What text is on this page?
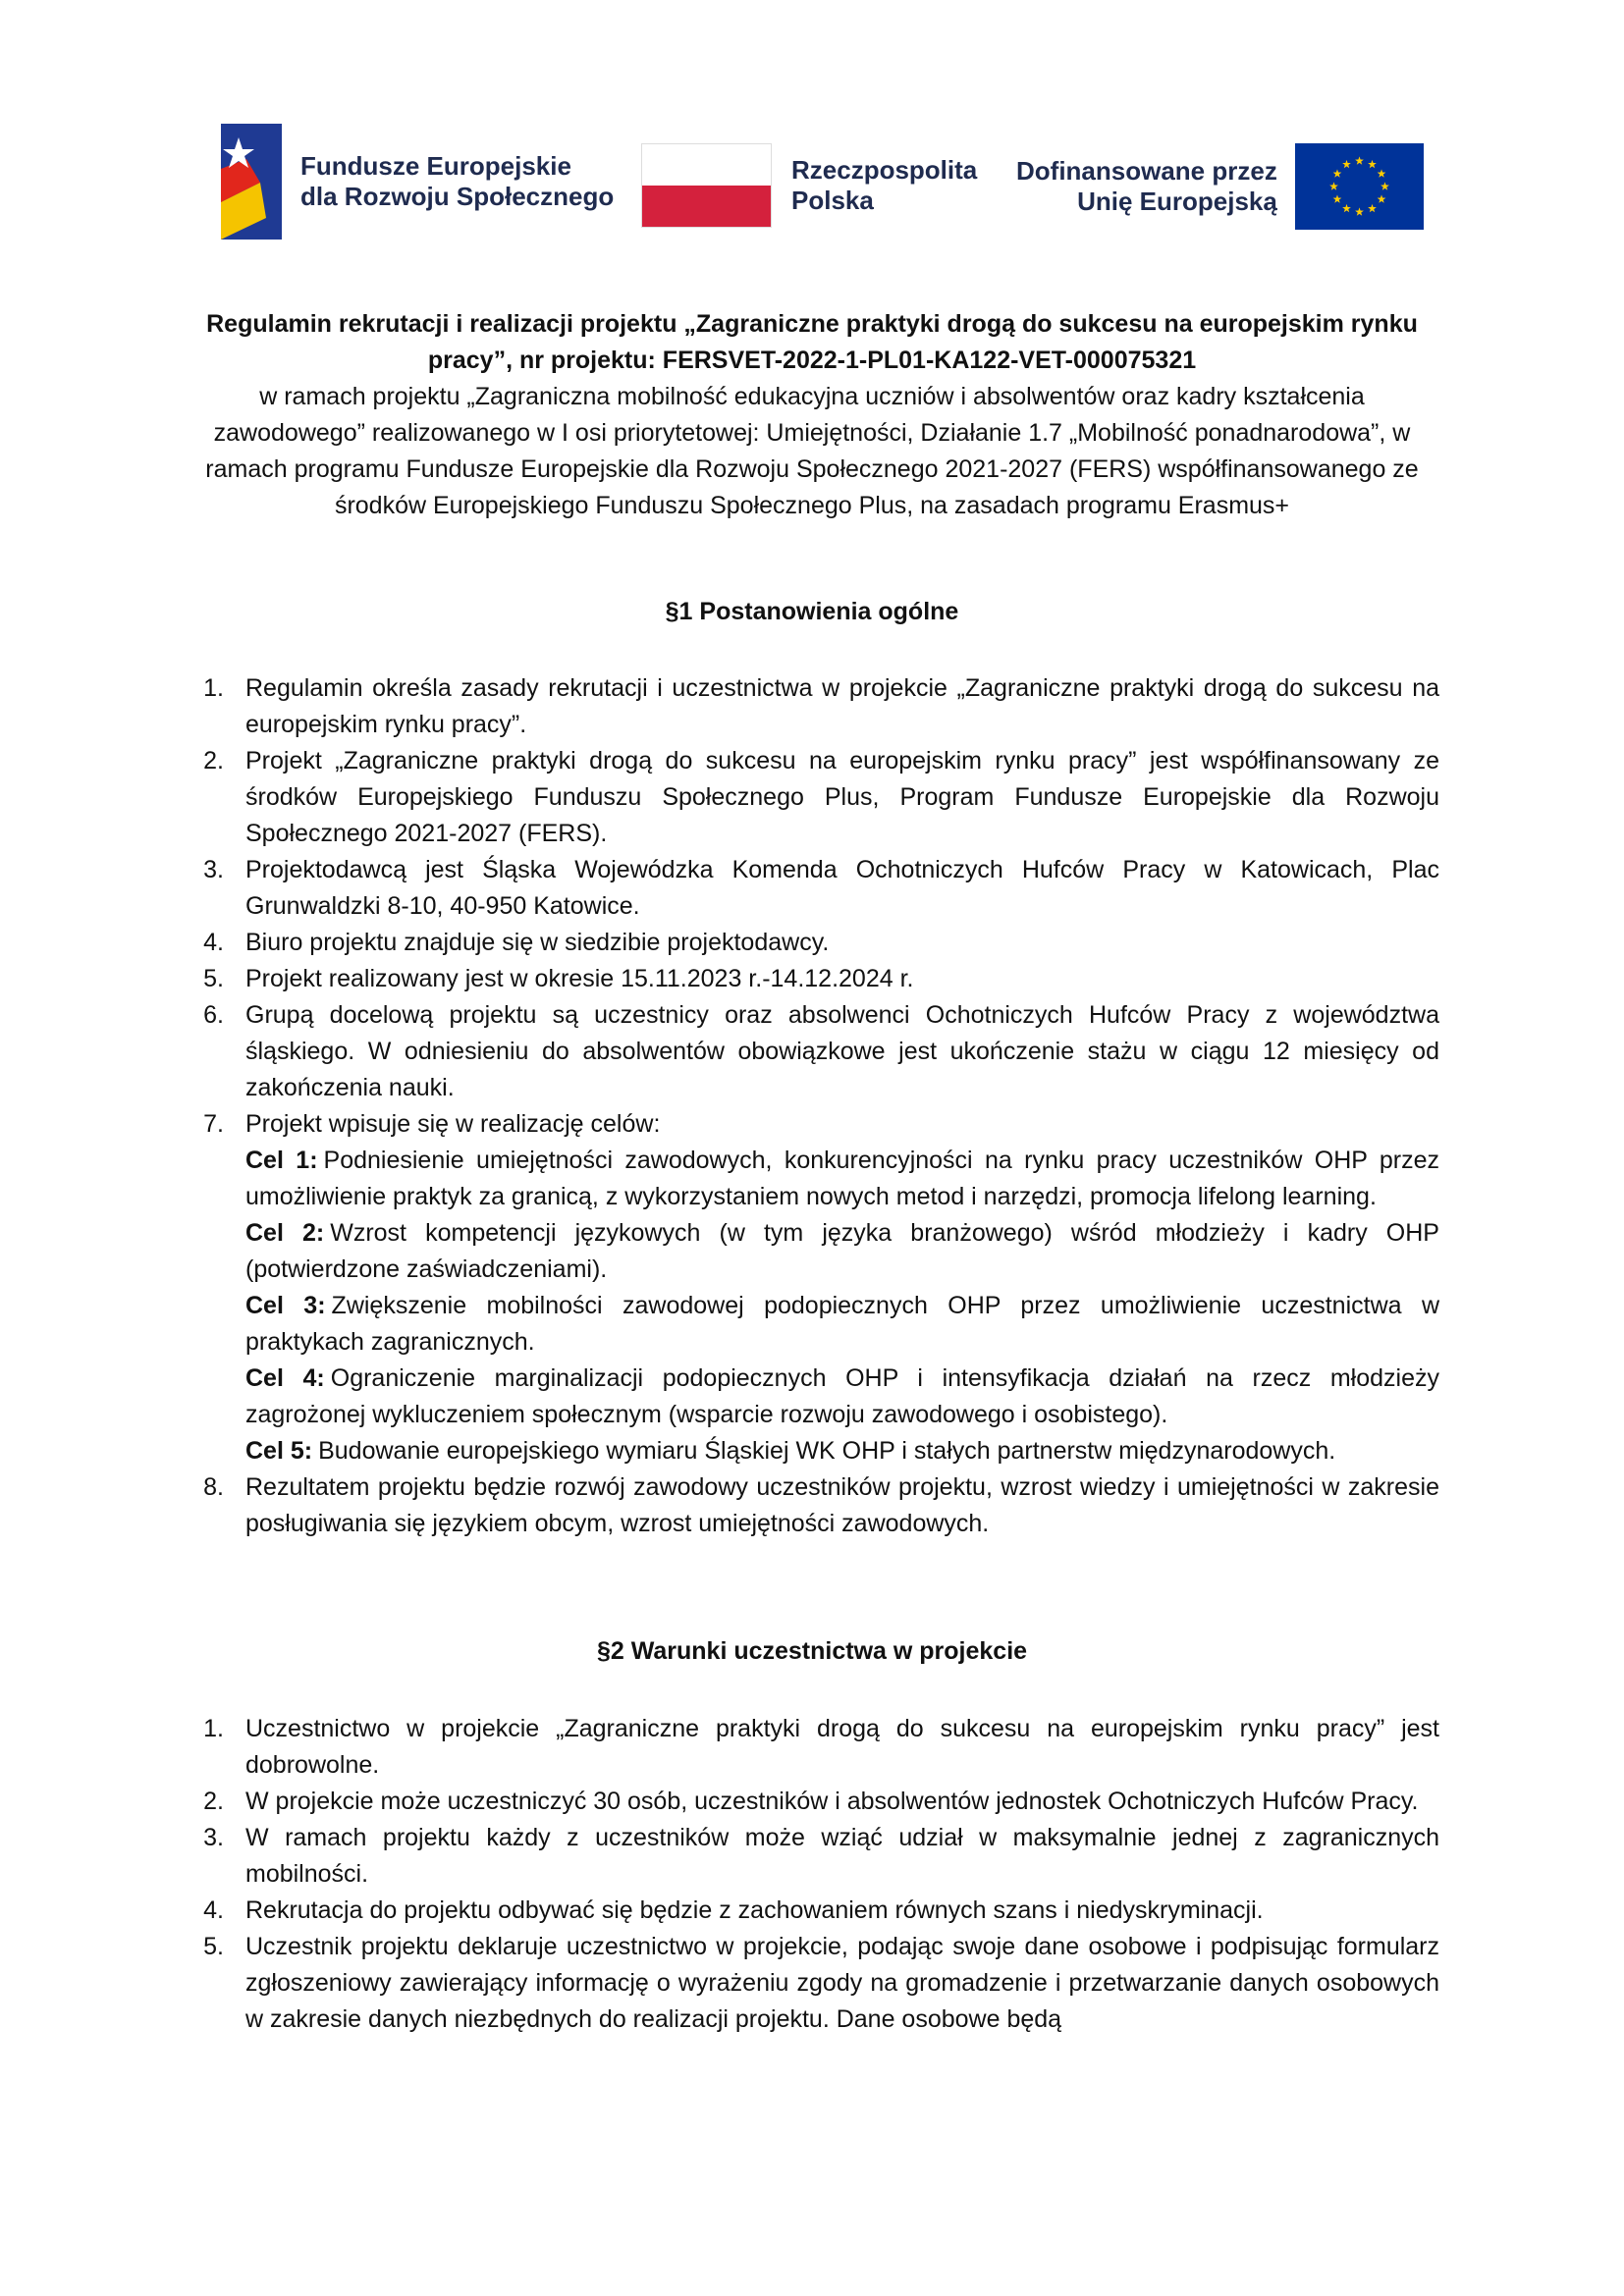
Fundusze Europejskie
dla Rozwoju Społecznego
Rzeczpospolita
Polska
Dofinansowane przez
Unię Europejską
Regulamin rekrutacji i realizacji projektu „Zagraniczne praktyki drogą do sukcesu na europejskim rynku pracy”, nr projektu: FERSVET-2022-1-PL01-KA122-VET-000075321
w ramach projektu „Zagraniczna mobilność edukacyjna uczniów i absolwentów oraz kadry kształcenia zawodowego” realizowanego w I osi priorytetowej: Umiejętności, Działanie 1.7 „Mobilność ponadnarodowa”, w ramach programu Fundusze Europejskie dla Rozwoju Społecznego 2021-2027 (FERS) współfinansowanego ze środków Europejskiego Funduszu Społecznego Plus, na zasadach programu Erasmus+
§1 Postanowienia ogólne
1. Regulamin określa zasady rekrutacji i uczestnictwa w projekcie „Zagraniczne praktyki drogą do sukcesu na europejskim rynku pracy”.
2. Projekt „Zagraniczne praktyki drogą do sukcesu na europejskim rynku pracy” jest współfinansowany ze środków Europejskiego Funduszu Społecznego Plus, Program Fundusze Europejskie dla Rozwoju Społecznego 2021-2027 (FERS).
3. Projektodawcą jest Śląska Wojewódzka Komenda Ochotniczych Hufców Pracy w Katowicach, Plac Grunwaldzki 8-10, 40-950 Katowice.
4. Biuro projektu znajduje się w siedzibie projektodawcy.
5. Projekt realizowany jest w okresie 15.11.2023 r.-14.12.2024 r.
6. Grupą docelową projektu są uczestnicy oraz absolwenci Ochotniczych Hufców Pracy z województwa śląskiego. W odniesieniu do absolwentów obowiązkowe jest ukończenie stażu w ciągu 12 miesięcy od zakończenia nauki.
7. Projekt wpisuje się w realizację celów:
Cel 1: Podniesienie umiejętności zawodowych, konkurencyjności na rynku pracy uczestników OHP przez umożliwienie praktyk za granicą, z wykorzystaniem nowych metod i narzędzi, promocja lifelong learning.
Cel 2: Wzrost kompetencji językowych (w tym języka branżowego) wśród młodzieży i kadry OHP (potwierdzone zaświadczeniami).
Cel 3: Zwiększenie mobilności zawodowej podopiecznych OHP przez umożliwienie uczestnictwa w praktykach zagranicznych.
Cel 4: Ograniczenie marginalizacji podopiecznych OHP i intensyfikacja działań na rzecz młodzieży zagrożonej wykluczeniem społecznym (wsparcie rozwoju zawodowego i osobistego).
Cel 5: Budowanie europejskiego wymiaru Śląskiej WK OHP i stałych partnerstw międzynarodowych.
8. Rezultatem projektu będzie rozwój zawodowy uczestników projektu, wzrost wiedzy i umiejętności w zakresie posługiwania się językiem obcym, wzrost umiejętności zawodowych.
§2 Warunki uczestnictwa w projekcie
1. Uczestnictwo w projekcie „Zagraniczne praktyki drogą do sukcesu na europejskim rynku pracy” jest dobrowolne.
2. W projekcie może uczestniczyć 30 osób, uczestników i absolwentów jednostek Ochotniczych Hufców Pracy.
3. W ramach projektu każdy z uczestników może wziąć udział w maksymalnie jednej z zagranicznych mobilności.
4. Rekrutacja do projektu odbywać się będzie z zachowaniem równych szans i niedyskryminacji.
5. Uczestnik projektu deklaruje uczestnictwo w projekcie, podając swoje dane osobowe i podpisując formularz zgłoszeniowy zawierający informację o wyrażeniu zgody na gromadzenie i przetwarzanie danych osobowych w zakresie danych niezbędnych do realizacji projektu. Dane osobowe będą
